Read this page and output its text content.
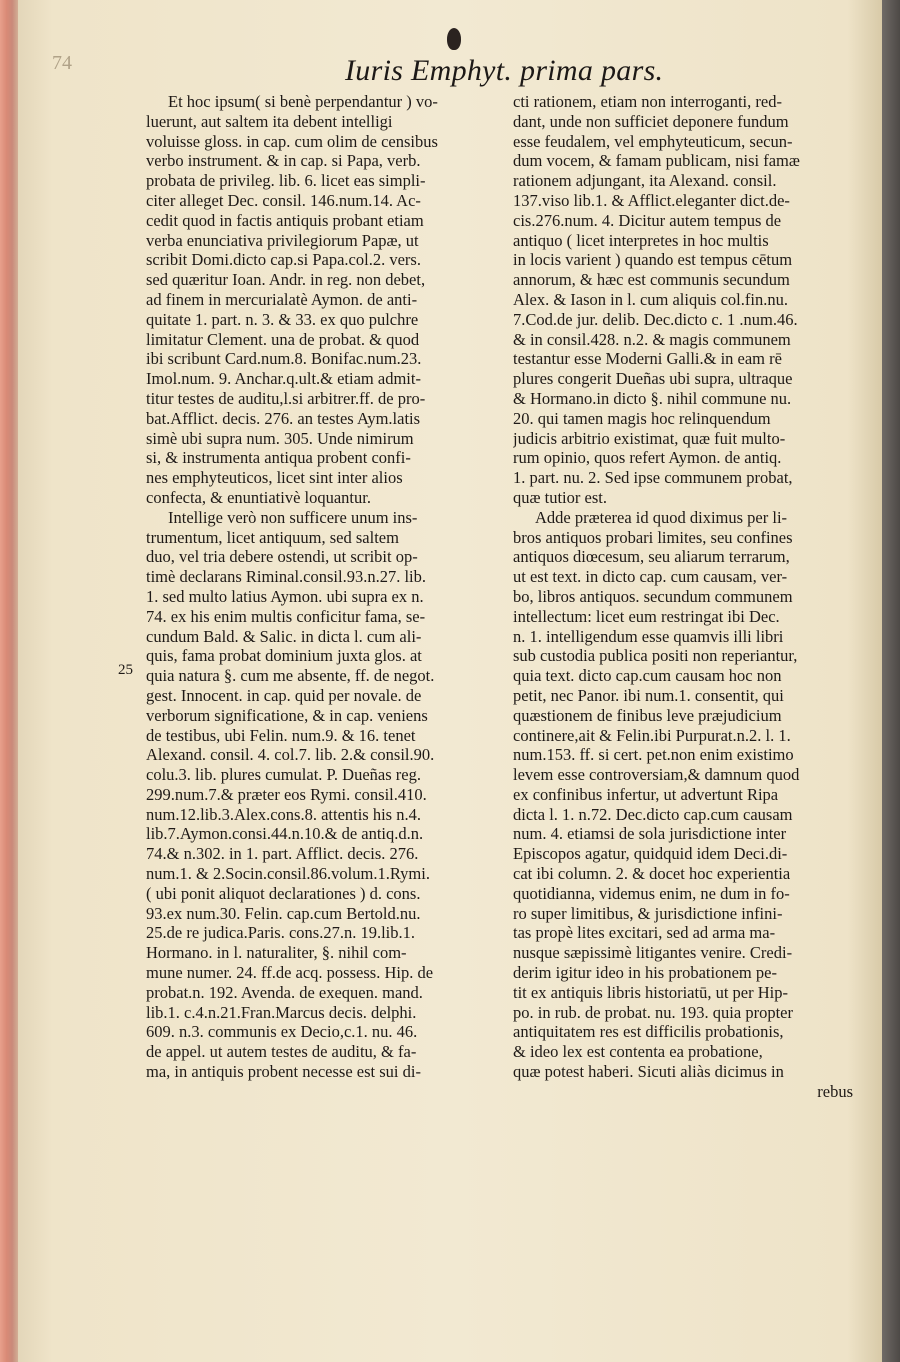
74	Iuris Emphyt. prima pars.
25
Et hoc ipsum( si benè perpendantur ) vo-
luerunt, aut saltem ita debent intelligi
voluisse gloss. in cap. cum olim de censibus
verbo instrument. & in cap. si Papa, verb.
probata de privileg. lib. 6. licet eas simpli-
citer alleget Dec. consil. 146.num.14. Ac-
cedit quod in factis antiquis probant etiam
verba enunciativa privilegiorum Papæ, ut
scribit Domi.dicto cap.si Papa.col.2. vers.
sed quæritur Ioan. Andr. in reg. non debet,
ad finem in mercurialatè Aymon. de anti-
quitate 1. part. n. 3. & 33. ex quo pulchre
limitatur Clement. una de probat. & quod
ibi scribunt Card.num.8. Bonifac.num.23.
Imol.num. 9. Anchar.q.ult.& etiam admit-
titur testes de auditu,l.si arbitrer.ff. de pro-
bat.Afflict. decis. 276. an testes Aym.latis
simè ubi supra num. 305. Unde nimirum
si, & instrumenta antiqua probent confi-
nes emphyteuticos, licet sint inter alios
confecta, & enuntiativè loquantur.
Intellige verò non sufficere unum ins-
trumentum, licet antiquum, sed saltem
duo, vel tria debere ostendi, ut scribit op-
timè declarans Riminal.consil.93.n.27. lib.
1. sed multo latius Aymon. ubi supra ex n.
74. ex his enim multis conficitur fama, se-
cundum Bald. & Salic. in dicta l. cum ali-
quis, fama probat dominium juxta glos. at
quia natura §. cum me absente, ff. de negot.
gest. Innocent. in cap. quid per novale. de
verborum significatione, & in cap. veniens
de testibus, ubi Felin. num.9. & 16. tenet
Alexand. consil. 4. col.7. lib. 2.& consil.90.
colu.3. lib. plures cumulat. P. Dueñas reg.
299.num.7.& præter eos Rymi. consil.410.
num.12.lib.3.Alex.cons.8. attentis his n.4.
lib.7.Aymon.consi.44.n.10.& de antiq.d.n.
74.& n.302. in 1. part. Afflict. decis. 276.
num.1. & 2.Socin.consil.86.volum.1.Rymi.
( ubi ponit aliquot declarationes ) d. cons.
93.ex num.30. Felin. cap.cum Bertold.nu.
25.de re judica.Paris. cons.27.n. 19.lib.1.
Hormano. in l. naturaliter, §. nihil com-
mune numer. 24. ff.de acq. possess. Hip. de
probat.n. 192. Avenda. de exequen. mand.
lib.1. c.4.n.21.Fran.Marcus decis. delphi.
609. n.3. communis ex Decio,c.1. nu. 46.
de appel. ut autem testes de auditu, & fa-
ma, in antiquis probent necesse est sui di-
cti rationem, etiam non interroganti, red-
dant, unde non sufficiet deponere fundum
esse feudalem, vel emphyteuticum, secun-
dum vocem, & famam publicam, nisi famæ
rationem adjungant, ita Alexand. consil.
137.viso lib.1. & Afflict.eleganter dict.de-
cis.276.num. 4. Dicitur autem tempus de
antiquo ( licet interpretes in hoc multis
in locis varient ) quando est tempus cētum
annorum, & hæc est communis secundum
Alex. & Iason in l. cum aliquis col.fin.nu.
7.Cod.de jur. delib. Dec.dicto c. 1 .num.46.
& in consil.428. n.2. & magis communem
testantur esse Moderni Galli.& in eam rē
plures congerit Dueñas ubi supra, ultraque
& Hormano.in dicto §. nihil commune nu.
20. qui tamen magis hoc relinquendum
judicis arbitrio existimat, quæ fuit multo-
rum opinio, quos refert Aymon. de antiq.
1. part. nu. 2. Sed ipse communem probat,
quæ tutior est.
Adde præterea id quod diximus per li-
bros antiquos probari limites, seu confines
antiquos diœcesum, seu aliarum terrarum,
ut est text. in dicto cap. cum causam, ver-
bo, libros antiquos. secundum communem
intellectum: licet eum restringat ibi Dec.
n. 1. intelligendum esse quamvis illi libri
sub custodia publica positi non reperiantur,
quia text. dicto cap.cum causam hoc non
petit, nec Panor. ibi num.1. consentit, qui
quæstionem de finibus leve præjudicium
continere,ait & Felin.ibi Purpurat.n.2. l. 1.
num.153. ff. si cert. pet.non enim existimo
levem esse controversiam,& damnum quod
ex confinibus infertur, ut advertunt Ripa
dicta l. 1. n.72. Dec.dicto cap.cum causam
num. 4. etiamsi de sola jurisdictione inter
Episcopos agatur, quidquid idem Deci.di-
cat ibi column. 2. & docet hoc experientia
quotidianna, videmus enim, ne dum in fo-
ro super limitibus, & jurisdictione infini-
tas propè lites excitari, sed ad arma ma-
nusque sæpissimè litigantes venire. Credi-
derim igitur ideo in his probationem pe-
tit ex antiquis libris historiatū, ut per Hip-
po. in rub. de probat. nu. 193. quia propter
antiquitatem res est difficilis probationis,
& ideo lex est contenta ea probatione,
quæ potest haberi. Sicuti aliàs dicimus in
rebus
